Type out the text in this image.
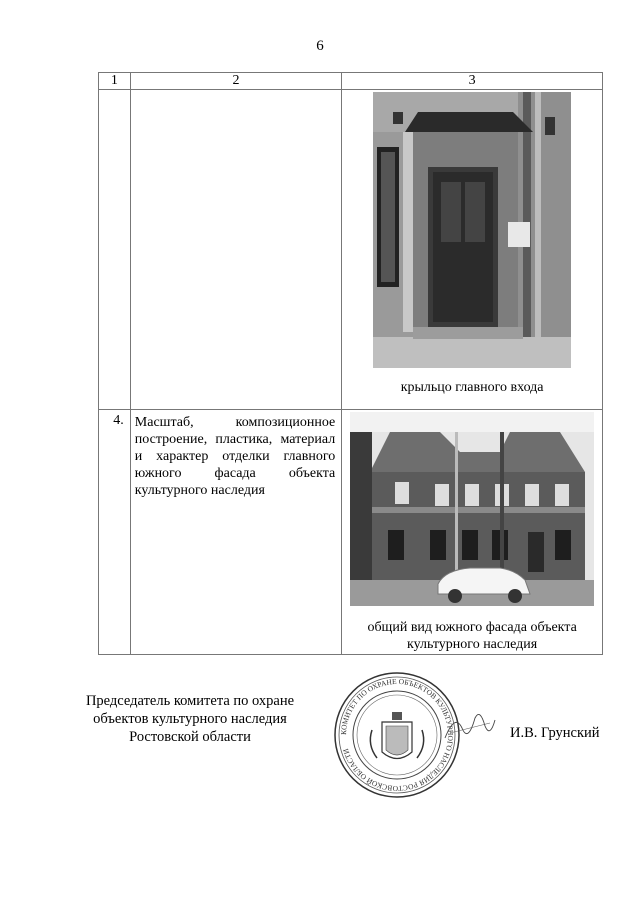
6
1	2	3

		крыльцо главного входа

4.	Масштаб, композиционное построение, пластика, материал и характер отделки главного южного фасада объекта культурного наследия	общий вид южного фасада объекта культурного наследия
Председатель комитета по охране объектов культурного наследия Ростовской области	КОМИТЕТ ПО ОХРАНЕ ОБЪЕКТОВ КУЛЬТУРНОГО НАСЛЕДИЯ РОСТОВСКОЙ ОБЛАСТИ
И.В. Грунский
